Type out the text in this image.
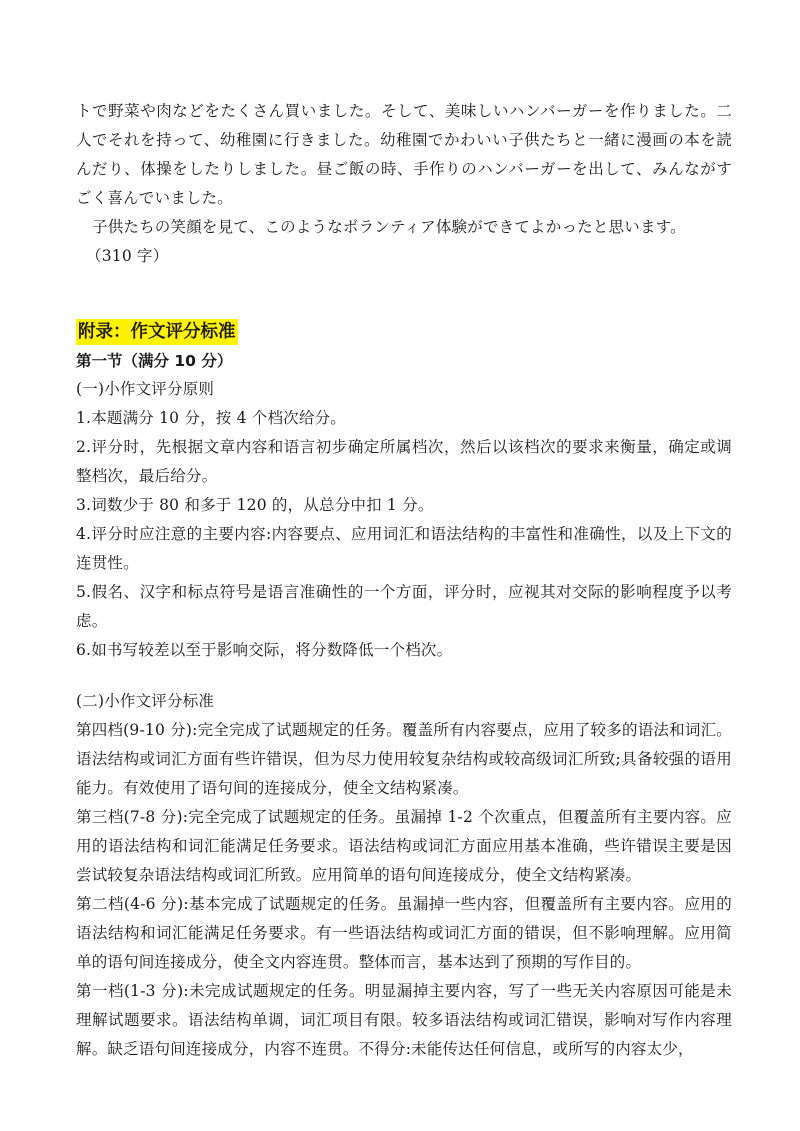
トで野菜や肉などをたくさん買いました。そして、美味しいハンバーガーを作りました。二人でそれを持って、幼稚園に行きました。幼稚園でかわいい子供たちと一緒に漫画の本を読んだり、体操をしたりしました。昼ご飯の時、手作りのハンバーガーを出して、みんながすごく喜んでいました。

子供たちの笑顔を見て、このようなボランティア体験ができてよかったと思います。

（310 字）

附录：作文评分标准

第一节（满分 10 分）

(一)小作文评分原则

1.本题满分 10 分，按 4 个档次给分。

2.评分时，先根据文章内容和语言初步确定所属档次，然后以该档次的要求来衡量，确定或调整档次，最后给分。

3.词数少于 80 和多于 120 的，从总分中扣 1 分。

4.评分时应注意的主要内容:内容要点、应用词汇和语法结构的丰富性和准确性，以及上下文的连贯性。

5.假名、汉字和标点符号是语言准确性的一个方面，评分时，应视其对交际的影响程度予以考虑。

6.如书写较差以至于影响交际，将分数降低一个档次。

(二)小作文评分标准

第四档(9-10 分):完全完成了试题规定的任务。覆盖所有内容要点，应用了较多的语法和词汇。语法结构或词汇方面有些许错误，但为尽力使用较复杂结构或较高级词汇所致;具备较强的语用能力。有效使用了语句间的连接成分，使全文结构紧凑。

第三档(7-8 分):完全完成了试题规定的任务。虽漏掉 1-2 个次重点，但覆盖所有主要内容。应用的语法结构和词汇能满足任务要求。语法结构或词汇方面应用基本准确，些许错误主要是因尝试较复杂语法结构或词汇所致。应用简单的语句间连接成分，使全文结构紧凑。

第二档(4-6 分):基本完成了试题规定的任务。虽漏掉一些内容，但覆盖所有主要内容。应用的语法结构和词汇能满足任务要求。有一些语法结构或词汇方面的错误，但不影响理解。应用简单的语句间连接成分，使全文内容连贯。整体而言，基本达到了预期的写作目的。

第一档(1-3 分):未完成试题规定的任务。明显漏掉主要内容，写了一些无关内容原因可能是未理解试题要求。语法结构单调，词汇项目有限。较多语法结构或词汇错误，影响对写作内容理解。缺乏语句间连接成分，内容不连贯。不得分:未能传达任何信息，或所写的内容太少，
